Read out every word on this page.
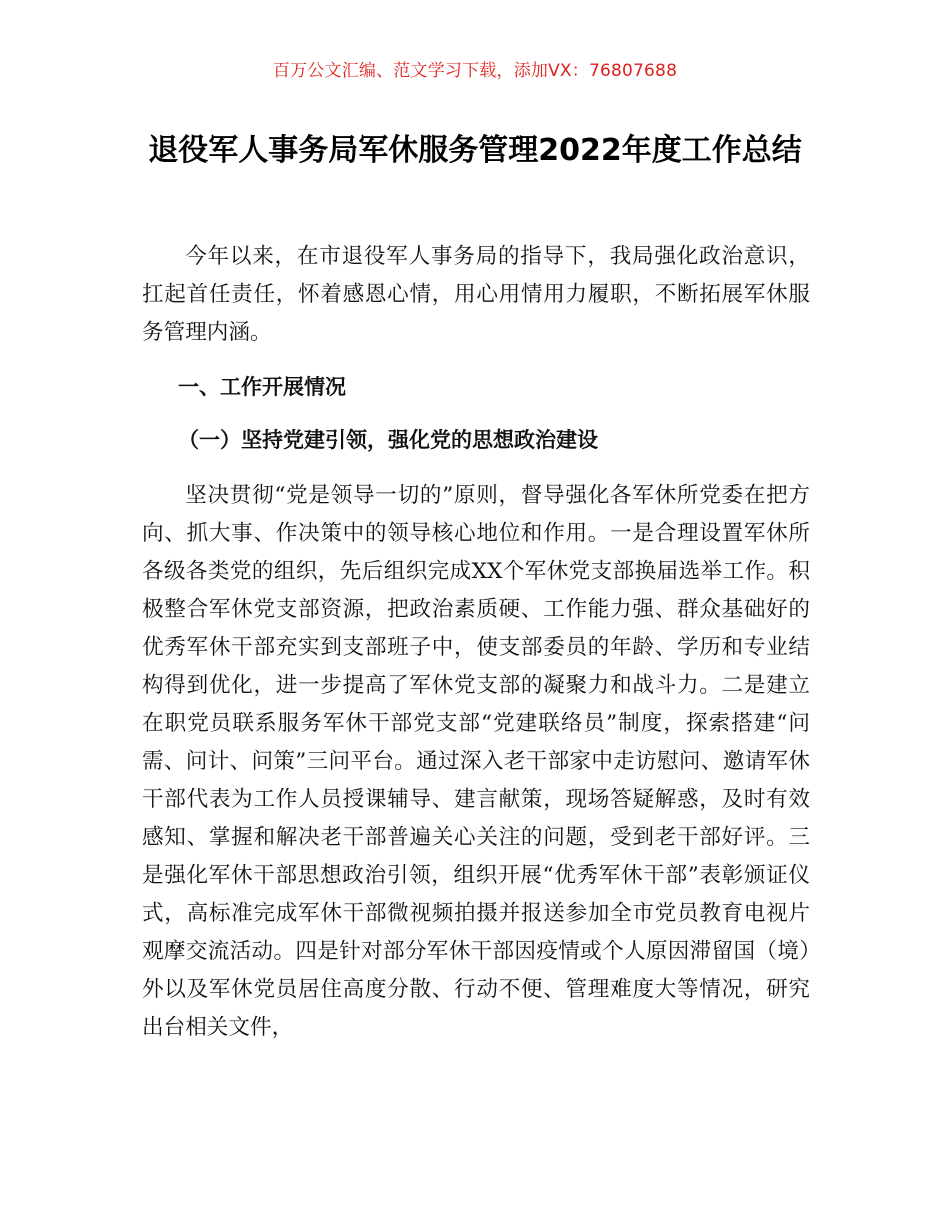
百万公文汇编、范文学习下载，添加VX：76807688
退役军人事务局军休服务管理2022年度工作总结

今年以来，在市退役军人事务局的指导下，我局强化政治意识，扛起首任责任，怀着感恩心情，用心用情用力履职，不断拓展军休服务管理内涵。

一、工作开展情况
（一）坚持党建引领，强化党的思想政治建设

坚决贯彻“党是领导一切的”原则，督导强化各军休所党委在把方向、抓大事、作决策中的领导核心地位和作用。一是合理设置军休所各级各类党的组织，先后组织完成XX个军休党支部换届选举工作。积极整合军休党支部资源，把政治素质硬、工作能力强、群众基础好的优秀军休干部充实到支部班子中，使支部委员的年龄、学历和专业结构得到优化，进一步提高了军休党支部的凝聚力和战斗力。二是建立在职党员联系服务军休干部党支部“党建联络员”制度，探索搭建“问需、问计、问策”三问平台。通过深入老干部家中走访慰问、邀请军休干部代表为工作人员授课辅导、建言献策，现场答疑解惑，及时有效感知、掌握和解决老干部普遍关心关注的问题，受到老干部好评。三是强化军休干部思想政治引领，组织开展“优秀军休干部”表彰颁证仪式，高标准完成军休干部微视频拍摄并报送参加全市党员教育电视片观摩交流活动。四是针对部分军休干部因疫情或个人原因滞留国（境）外以及军休党员居住高度分散、行动不便、管理难度大等情况，研究出台相关文件，
